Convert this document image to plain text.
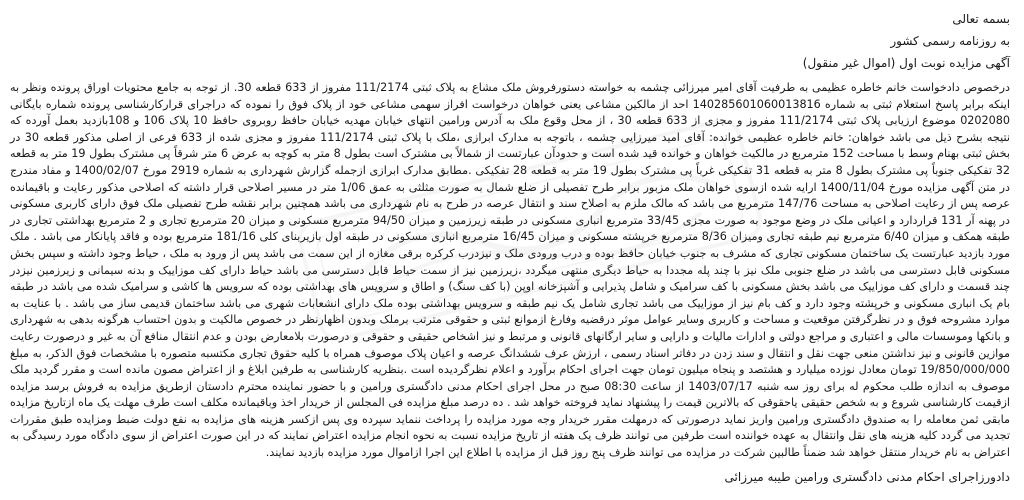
بسمه تعالی

به روزنامه رسمی کشور

آگهی مزایده نوبت اول (اموال غیر منقول)

درخصوص دادخواست خانم خاطره عظیمی به طرفیت آقای امیر میرزائی چشمه به خواسته دستورفروش ملک مشاع به پلاک ثبتی 111/2174 مفروز از 633 قطعه 30. از توجه به جامع محتویات اوراق پرونده ونظر به اینکه برابر پاسخ استعلام ثبتی به شماره 140285601060013816 احد از مالکین مشاعی یعنی خواهان درخواست افراز سهمی مشاعی خود از پلاک فوق را نموده که دراجرای قرارکارشناسی پرونده شماره بایگانی 0202080 موضوع ارزیابی پلاک ثبتی 111/2174 مفروز و مجزی از 633 قطعه 30 ، از محل وقوع ملک به آدرس ورامین انتهای خیابان مهدیه خیابان حافظ روبروی حافظ 10 پلاک 106 و 108بازدید بعمل آورده که نتیجه بشرح ذیل می باشد خواهان: خانم خاطره عظیمی خوانده: آقای امید میرزایی چشمه ، باتوجه به مدارک ابرازی ،ملک با پلاک ثبتی 111/2174 مفروز و مجزی شده از 633 فرعی از اصلی مذکور قطعه 30 در بخش ثبتی بهنام وسط با مساحت 152 مترمربع در مالکیت خواهان و خوانده قید شده است و حدودآن عبارتست از شمالاً بی مشترک است بطول 8 متر به کوچه به عرض 6 متر شرقاً پی مشترک بطول 19 متر به قطعه 32 تفکیکی جنوباً پی مشترک بطول 8 متر به قطعه 31 تفکیکی غرباً پی مشترک بطول 19 متر به قطعه 28 تفکیکی .مطابق مدارک ابرازی ازجمله گزارش شهرداری به شماره 2919 مورخ 1400/02/07 و مفاد مندرج در متن آگهی مزایده مورخ 1400/11/04 ارایه شده ازسوی خواهان ملک مزبور برابر طرح تفصیلی از ضلع شمال به صورت مثلثی به عمق 1/06 متر در مسیر اصلاحی قرار داشته که اصلاحی مذکور رعایت و باقیمانده عرصه پس از رعایت اصلاحی به مساحت 147/76 مترمربع می باشد که مالک ملزم به اصلاح سند و انتقال عرصه در طرح به نام شهرداری می باشد همچنین برابر نقشه طرح تفصیلی ملک فوق دارای کاربری مسکونی در پهنه آر 131 قراردارد و اعیانی ملک در وضع موجود به صورت مجزی 33/45 مترمربع انباری مسکونی در طبقه زیرزمین و میزان 94/50 مترمربع مسکونی و میزان 20 مترمربع تجاری و 2 مترمربع بهداشتی تجاری در طبقه همکف و میزان 6/40 مترمربع نیم طبقه تجاری ومیزان 8/36 مترمربع خرپشته مسکونی و میزان 16/45 مترمربع انباری مسکونی در طبقه اول بازیربنای کلی 181/16 مترمربع بوده و فاقد پایانکار می باشد . ملک مورد بازدید عبارتست یک ساختمان مسکونی تجاری که مشرف به جنوب خیابان حافظ بوده و درب ورودی ملک و نیزدرب کرکره برقی مغازه از این سمت می باشد پس از ورود به ملک ، حیاط وجود داشته و سپس بخش مسکونی قابل دسترسی می باشد در ضلع جنوبی ملک نیز با چند پله مجددا به حیاط دیگری منتهی میگردد ،زیرزمین نیز از سمت حیاط قابل دسترسی می باشد حیاط دارای کف موزاییک و بدنه سیمانی و زیرزمین نیزدر چند قسمت و دارای کف موزاییک می باشد بخش مسکونی با کف سرامیک و شامل پذیرایی و آشپزخانه اوپن (با کف سنگ) و اطاق و سرویس های بهداشتی بوده که سرویس ها کاشی و سرامیک شده می باشد در طبقه بام یک انباری مسکونی و خرپشته وجود دارد و کف بام نیز از موزاییک می باشد تجاری شامل یک نیم طبقه و سرویس بهداشتی بوده ملک دارای انشعابات شهری می باشد ساختمان قدیمی ساز می باشد . با عنایت به موارد مشروحه فوق و در نظرگرفتن موقعیت و مساحت و کاربری وسایر عوامل موثر درقضیه وفارغ ازموانع ثبتی و حقوقی مترتب برملک وبدون اظهارنظر در خصوص مالکیت و بدون احتساب هرگونه بدهی به شهرداری و بانکها وموسسات مالی و اعتباری و مراجع دولتی و ادارات مالیات و دارایی و سایر ارگانهای قانونی و مرتبط و نیز اشخاص حقیقی و حقوقی و درصورت بلامعارض بودن و عدم انتقال منافع آن به غیر و درصورت رعایت موازین قانونی و نیز نداشتن منعی جهت نقل و انتقال و سند زدن در دفاتر اسناد رسمی ، ارزش عرف ششدانگ عرصه و اعیان پلاک موصوف همراه با کلیه حقوق تجاری مکتسبه متصوره با مشخصات فوق الذکر، به مبلغ 19/850/000/000 تومان معادل نوزده میلیارد و هشتصد و پنجاه میلیون تومان جهت اجرای احکام برآورد و اعلام نظرگردیده است .بنظریه کارشناسی به طرفین ابلاغ و از اعتراض مصون مانده است و مقرر گردید ملک موصوف به اندازه طلب محکوم له برای روز سه شنبه 1403/07/17 از ساعت 08:30 صبح در محل اجرای احکام مدنی دادگستری ورامین و با حضور نماینده محترم دادستان ازطریق مزایده به فروش برسد مزایده ازقیمت کارشناسی شروع و به شخص حقیقی یاحقوقی که بالاترین قیمت را پیشنهاد نماید فروخته خواهد شد . ده درصد مبلغ مزایده فی المجلس از خریدار اخذ وباقیمانده مکلف است طرف مهلت یک ماه ازتاریخ مزایده مابقی ثمن معامله را به صندوق دادگستری ورامین واریز نماید درصورتی که درمهلت مقرر خریدار وجه مورد مزایده را پرداخت ننماید سپرده وی پس ازکسر هزینه های مزایده به نفع دولت ضبط ومزایده طبق مقررات تجدید می گردد کلیه هزینه های نقل وانتقال به عهده خواننده است طرفین می توانند ظرف یک هفته از تاریخ مزایده نسبت به نحوه انجام مزایده اعتراض نمایند که در این صورت اعتراض از سوی دادگاه مورد رسیدگی به اعتراض به نام خریدار منتقل خواهد شد ضمناً طالبین شرکت در مزایده می توانند ظرف پنج روز قبل از مزایده با اطلاع این اجرا ازاموال مورد مزایده بازدید نمایند.

دادورزاجرای احکام مدنی دادگستری ورامین طیبه میرزائی
